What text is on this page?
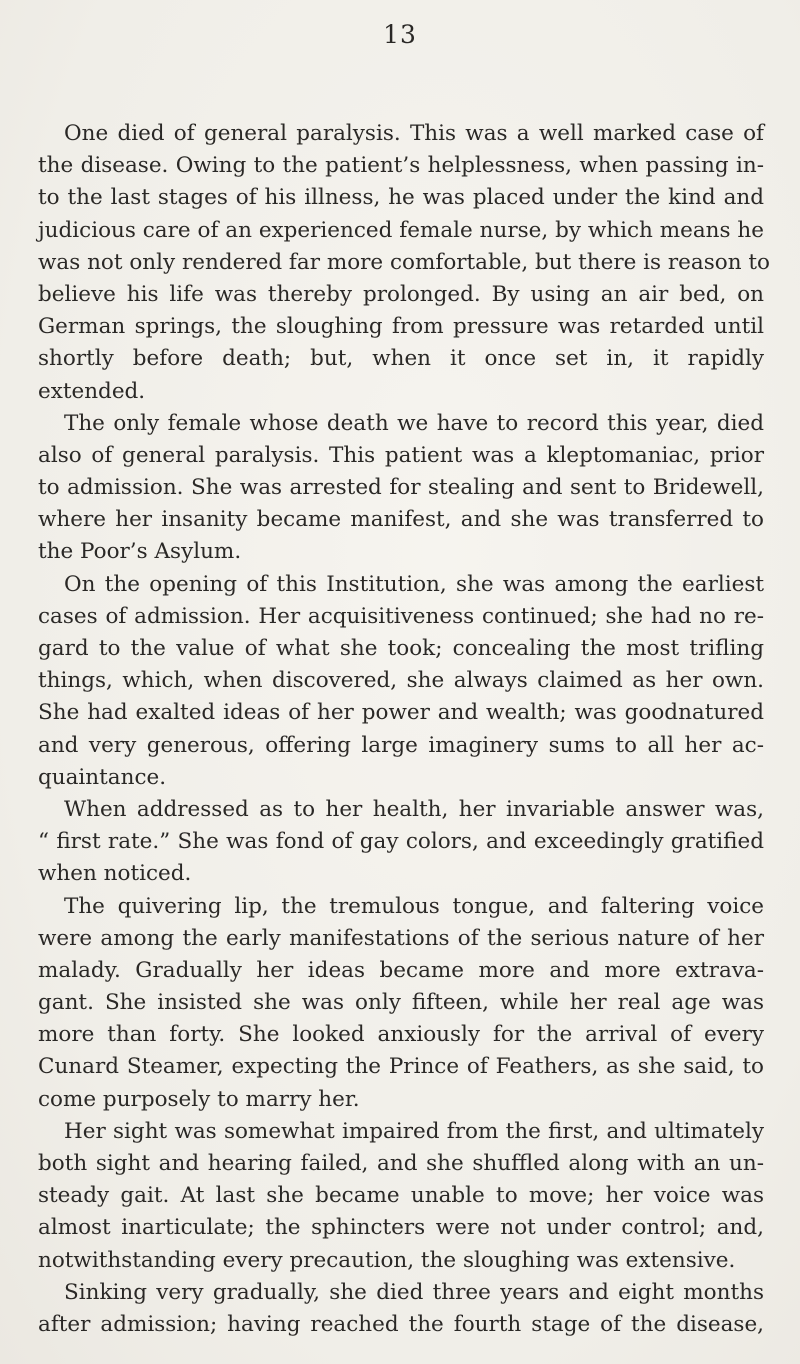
13
One died of general paralysis. This was a well marked case of
the disease. Owing to the patient’s helplessness, when passing in-
to the last stages of his illness, he was placed under the kind and
judicious care of an experienced female nurse, by which means he
was not only rendered far more comfortable, but there is reason to
believe his life was thereby prolonged. By using an air bed, on
German springs, the sloughing from pressure was retarded until
shortly before death; but, when it once set in, it rapidly
extended.
The only female whose death we have to record this year, died
also of general paralysis. This patient was a kleptomaniac, prior
to admission. She was arrested for stealing and sent to Bridewell,
where her insanity became manifest, and she was transferred to
the Poor’s Asylum.
On the opening of this Institution, she was among the earliest
cases of admission. Her acquisitiveness continued; she had no re-
gard to the value of what she took; concealing the most trifling
things, which, when discovered, she always claimed as her own.
She had exalted ideas of her power and wealth; was goodnatured
and very generous, offering large imaginery sums to all her ac-
quaintance.
When addressed as to her health, her invariable answer was,
“ first rate.” She was fond of gay colors, and exceedingly gratified
when noticed.
The quivering lip, the tremulous tongue, and faltering voice
were among the early manifestations of the serious nature of her
malady. Gradually her ideas became more and more extrava-
gant. She insisted she was only fifteen, while her real age was
more than forty. She looked anxiously for the arrival of every
Cunard Steamer, expecting the Prince of Feathers, as she said, to
come purposely to marry her.
Her sight was somewhat impaired from the first, and ultimately
both sight and hearing failed, and she shuffled along with an un-
steady gait. At last she became unable to move; her voice was
almost inarticulate; the sphincters were not under control; and,
notwithstanding every precaution, the sloughing was extensive.
Sinking very gradually, she died three years and eight months
after admission; having reached the fourth stage of the disease,
